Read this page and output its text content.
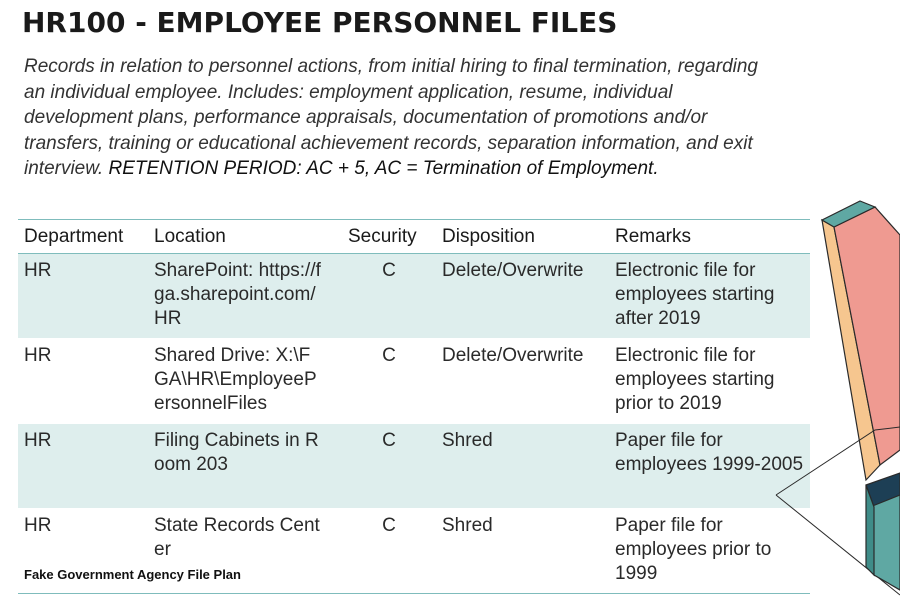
HR100 - EMPLOYEE PERSONNEL FILES

Records in relation to personnel actions, from initial hiring to final termination, regarding an individual employee. Includes: employment application, resume, individual development plans, performance appraisals, documentation of promotions and/or transfers, training or educational achievement records, separation information, and exit interview. RETENTION PERIOD: AC + 5, AC = Termination of Employment.

Department	Location	Security	Disposition	Remarks
HR	SharePoint: https://fga.sharepoint.com/HR	C	Delete/Overwrite	Electronic file for employees starting after 2019
HR	Shared Drive: X:\FGA\HR\EmployeePersonnelFiles	C	Delete/Overwrite	Electronic file for employees starting prior to 2019
HR	Filing Cabinets in Room 203	C	Shred	Paper file for employees 1999-2005
HR	State Records Center	C	Shred	Paper file for employees prior to 1999
Fake Government Agency File Plan
